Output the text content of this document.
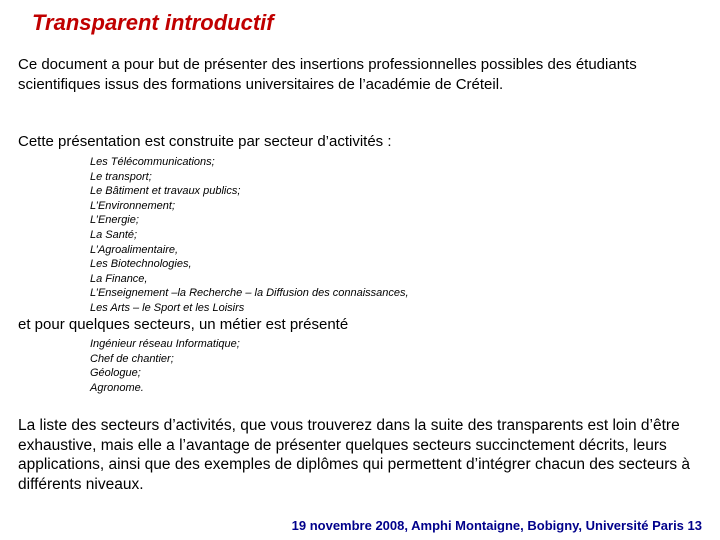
Transparent introductif

Ce document a pour but de présenter des insertions professionnelles possibles des étudiants scientifiques issus des formations universitaires de l’académie de Créteil.

Cette présentation est construite par secteur d’activités :

Les Télécommunications;
Le transport;
Le Bâtiment et travaux publics;
L’Environnement;
L’Energie;
La Santé;
L’Agroalimentaire,
Les Biotechnologies,
La Finance,
L’Enseignement –la Recherche – la Diffusion des connaissances,
Les Arts – le Sport et les Loisirs

et pour quelques secteurs, un métier est présenté

Ingénieur réseau Informatique;
Chef de chantier;
Géologue;
Agronome.

La liste des secteurs d’activités, que vous trouverez dans la suite des transparents est loin d’être exhaustive, mais elle a l’avantage de présenter quelques secteurs succinctement décrits, leurs applications, ainsi que des exemples de diplômes qui permettent d’intégrer chacun des secteurs à différents niveaux.

19 novembre 2008, Amphi Montaigne, Bobigny, Université Paris 13
